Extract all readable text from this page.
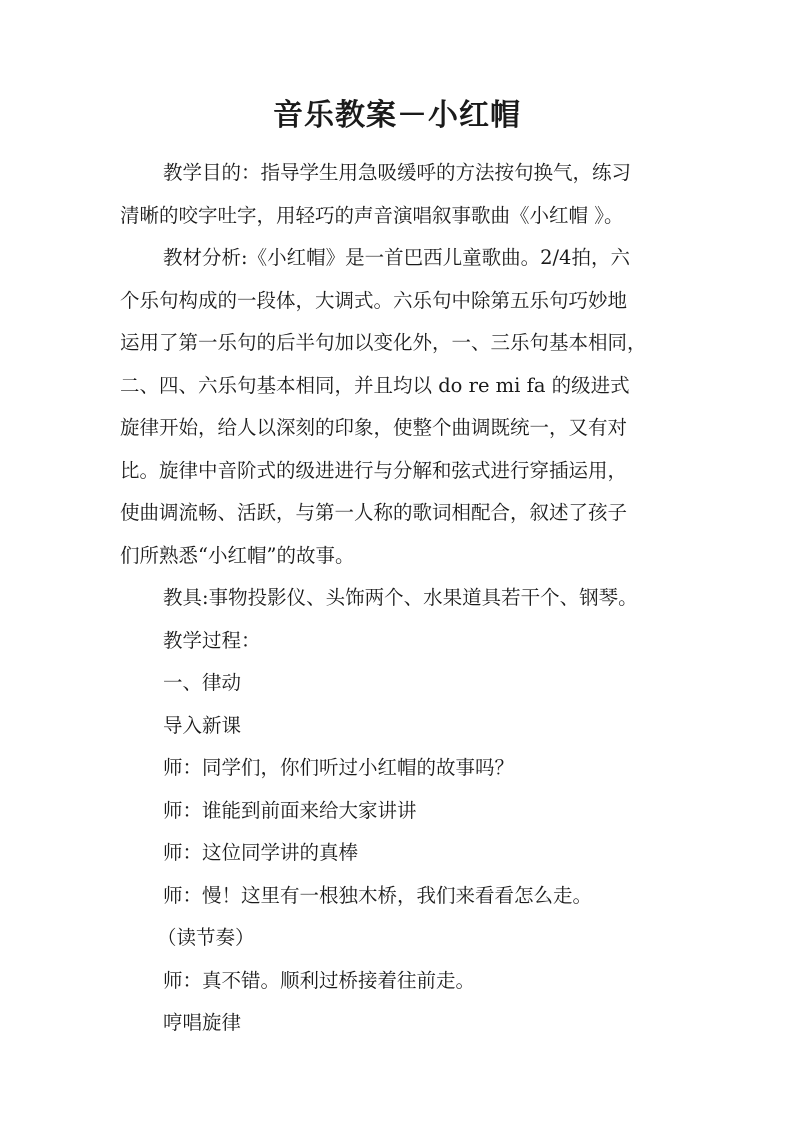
音乐教案－小红帽

教学目的：指导学生用急吸缓呼的方法按句换气，练习
清晰的咬字吐字，用轻巧的声音演唱叙事歌曲《小红帽 》。

教材分析:《小红帽》是一首巴西儿童歌曲。2/4拍，六
个乐句构成的一段体，大调式。六乐句中除第五乐句巧妙地
运用了第一乐句的后半句加以变化外，一、三乐句基本相同，
二、四、六乐句基本相同，并且均以 do re mi fa 的级进式
旋律开始，给人以深刻的印象，使整个曲调既统一，又有对
比。旋律中音阶式的级进进行与分解和弦式进行穿插运用，
使曲调流畅、活跃，与第一人称的歌词相配合，叙述了孩子
们所熟悉“小红帽”的故事。

教具:事物投影仪、头饰两个、水果道具若干个、钢琴。

教学过程：

一、律动

导入新课

师：同学们，你们听过小红帽的故事吗？

师：谁能到前面来给大家讲讲

师：这位同学讲的真棒

师：慢！这里有一根独木桥，我们来看看怎么走。

（读节奏）

师：真不错。顺利过桥接着往前走。

哼唱旋律
